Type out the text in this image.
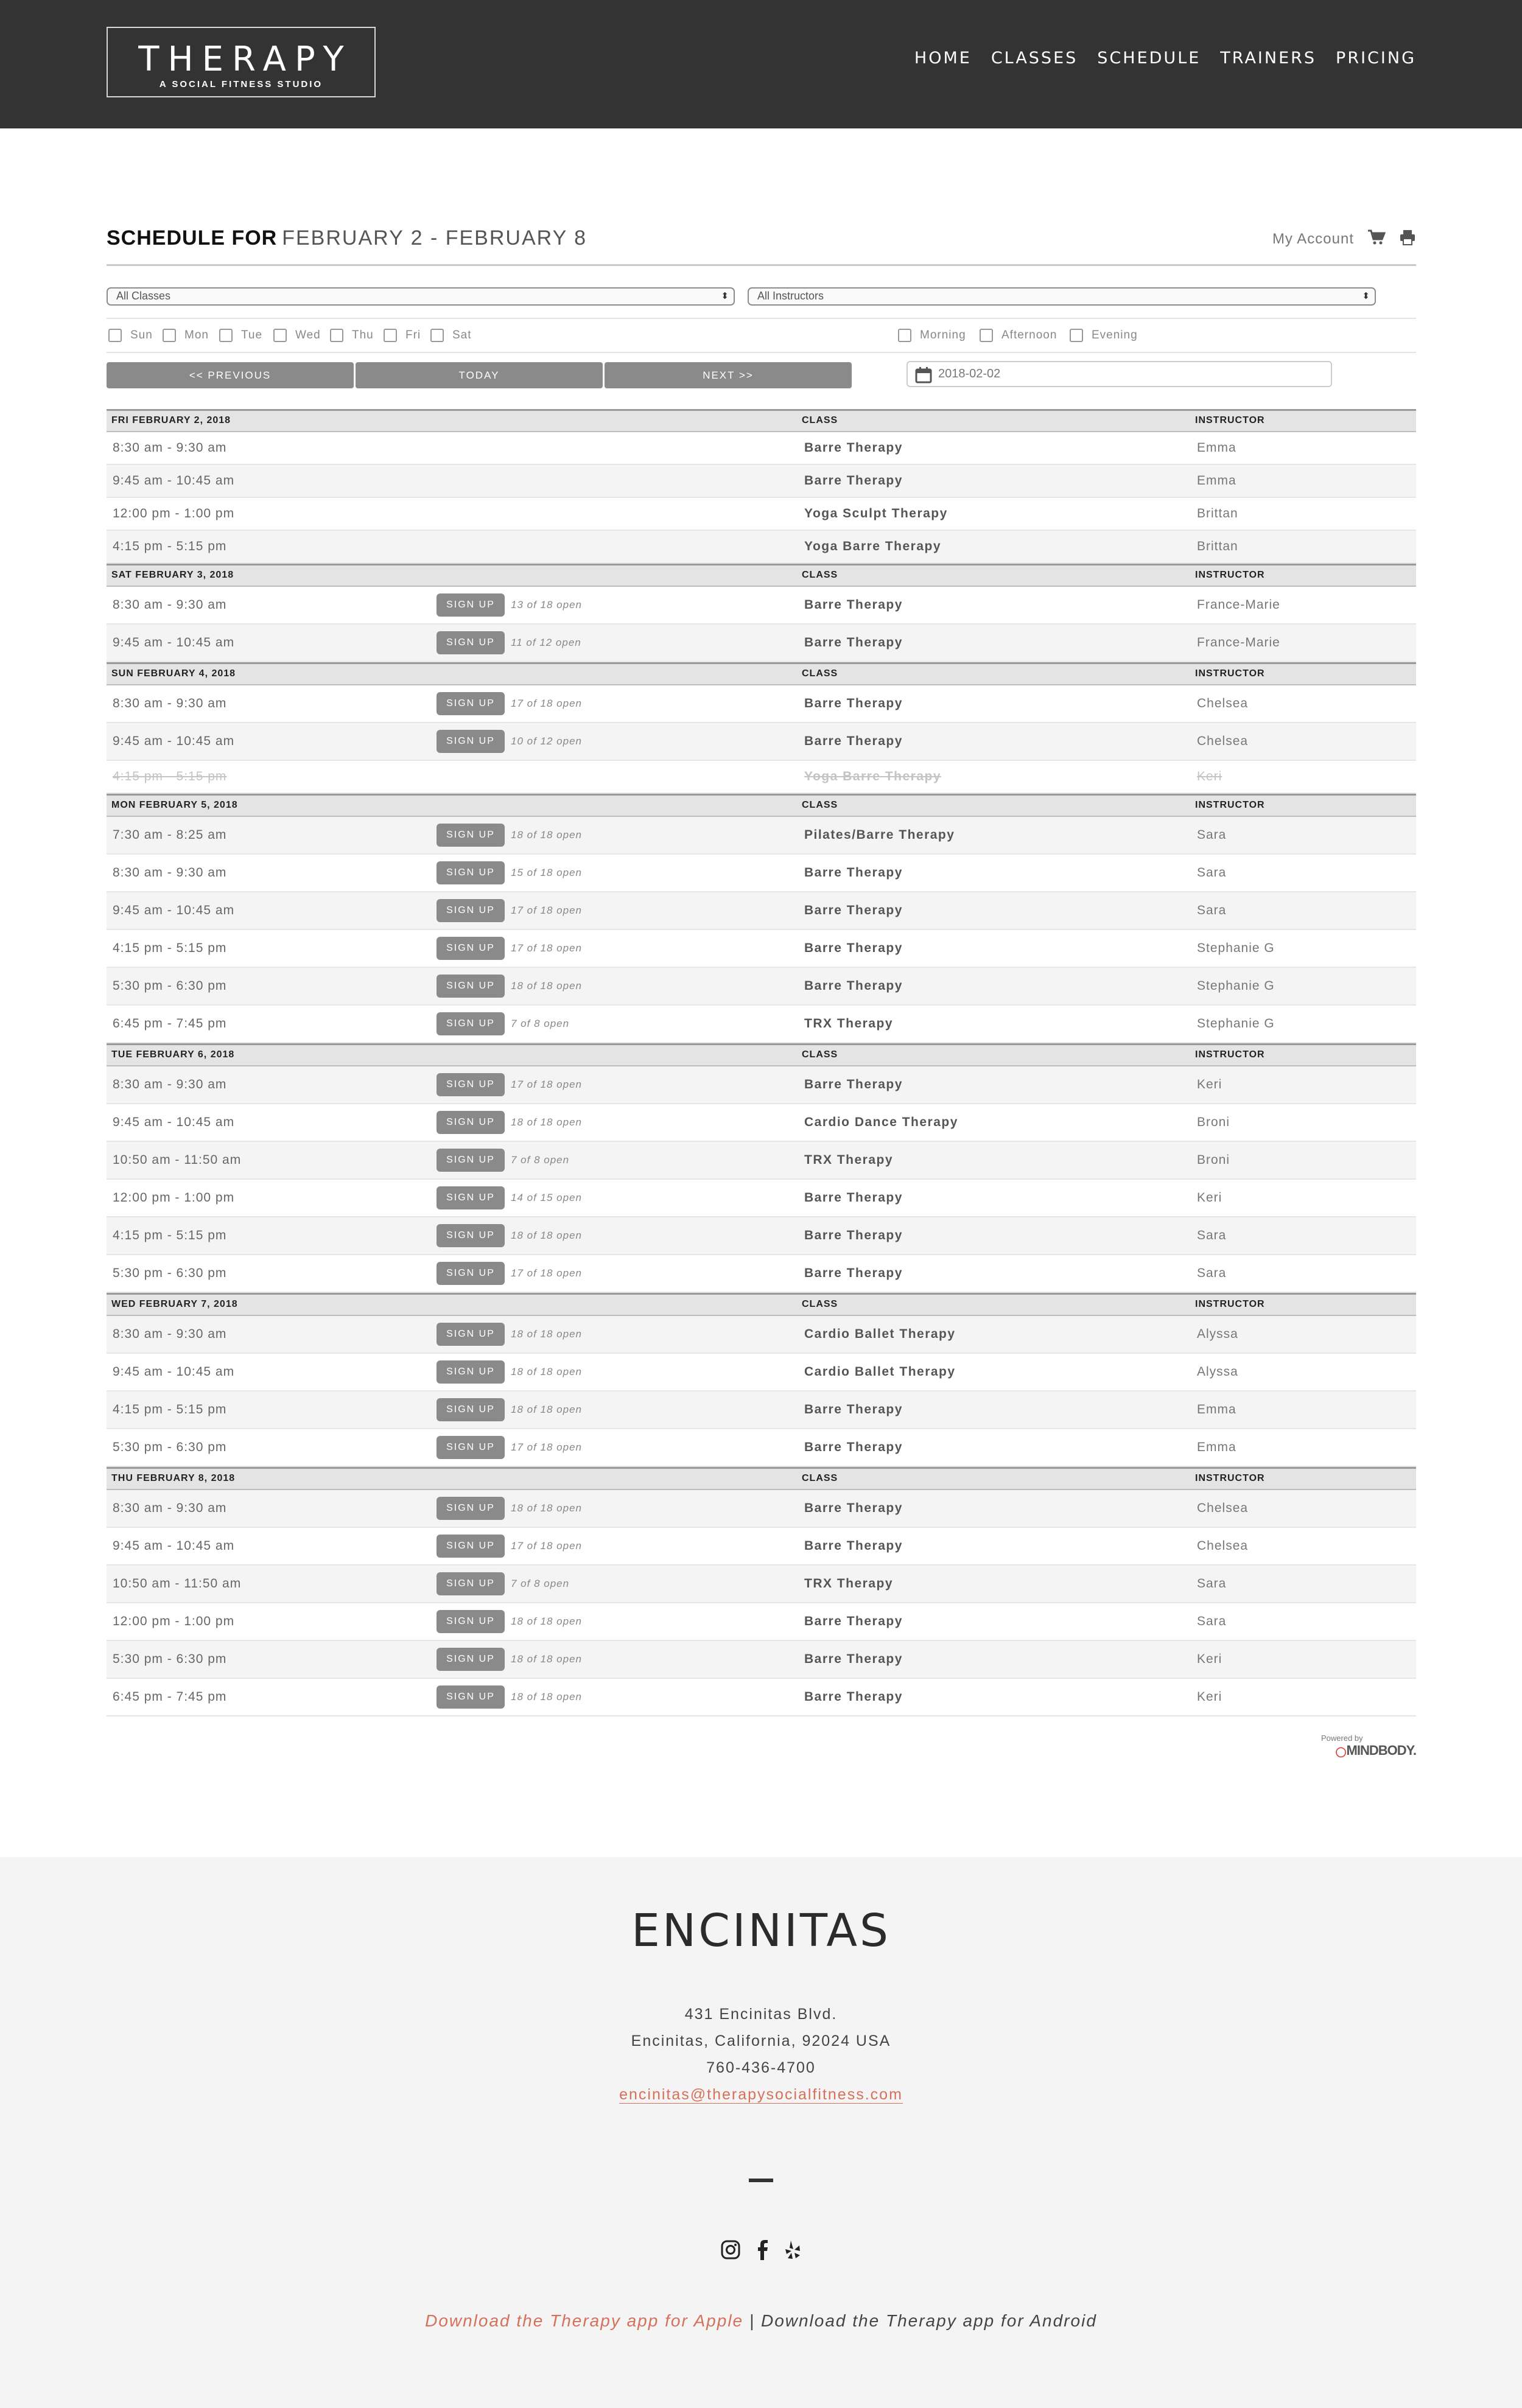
THERAPY
A SOCIAL FITNESS STUDIO
HOME CLASSES SCHEDULE TRAINERS PRICING
SCHEDULE FOR FEBRUARY 2 - FEBRUARY 8	My Account
All Classes	⬍	All Instructors	⬍
Sun	Mon	Tue	Wed	Thu	Fri	Sat	Morning	Afternoon	Evening
<< PREVIOUS	TODAY	NEXT >>	2018-02-02
FRI FEBRUARY 2, 2018	CLASS	INSTRUCTOR
8:30 am - 9:30 am	Barre Therapy	Emma
9:45 am - 10:45 am	Barre Therapy	Emma
12:00 pm - 1:00 pm	Yoga Sculpt Therapy	Brittan
4:15 pm - 5:15 pm	Yoga Barre Therapy	Brittan
SAT FEBRUARY 3, 2018	CLASS	INSTRUCTOR
8:30 am - 9:30 am	SIGN UP	13 of 18 open	Barre Therapy	France-Marie
9:45 am - 10:45 am	SIGN UP	11 of 12 open	Barre Therapy	France-Marie
SUN FEBRUARY 4, 2018	CLASS	INSTRUCTOR
8:30 am - 9:30 am	SIGN UP	17 of 18 open	Barre Therapy	Chelsea
9:45 am - 10:45 am	SIGN UP	10 of 12 open	Barre Therapy	Chelsea
4:15 pm - 5:15 pm	Yoga Barre Therapy	Keri
MON FEBRUARY 5, 2018	CLASS	INSTRUCTOR
7:30 am - 8:25 am	SIGN UP	18 of 18 open	Pilates/Barre Therapy	Sara
8:30 am - 9:30 am	SIGN UP	15 of 18 open	Barre Therapy	Sara
9:45 am - 10:45 am	SIGN UP	17 of 18 open	Barre Therapy	Sara
4:15 pm - 5:15 pm	SIGN UP	17 of 18 open	Barre Therapy	Stephanie G
5:30 pm - 6:30 pm	SIGN UP	18 of 18 open	Barre Therapy	Stephanie G
6:45 pm - 7:45 pm	SIGN UP	7 of 8 open	TRX Therapy	Stephanie G
TUE FEBRUARY 6, 2018	CLASS	INSTRUCTOR
8:30 am - 9:30 am	SIGN UP	17 of 18 open	Barre Therapy	Keri
9:45 am - 10:45 am	SIGN UP	18 of 18 open	Cardio Dance Therapy	Broni
10:50 am - 11:50 am	SIGN UP	7 of 8 open	TRX Therapy	Broni
12:00 pm - 1:00 pm	SIGN UP	14 of 15 open	Barre Therapy	Keri
4:15 pm - 5:15 pm	SIGN UP	18 of 18 open	Barre Therapy	Sara
5:30 pm - 6:30 pm	SIGN UP	17 of 18 open	Barre Therapy	Sara
WED FEBRUARY 7, 2018	CLASS	INSTRUCTOR
8:30 am - 9:30 am	SIGN UP	18 of 18 open	Cardio Ballet Therapy	Alyssa
9:45 am - 10:45 am	SIGN UP	18 of 18 open	Cardio Ballet Therapy	Alyssa
4:15 pm - 5:15 pm	SIGN UP	18 of 18 open	Barre Therapy	Emma
5:30 pm - 6:30 pm	SIGN UP	17 of 18 open	Barre Therapy	Emma
THU FEBRUARY 8, 2018	CLASS	INSTRUCTOR
8:30 am - 9:30 am	SIGN UP	18 of 18 open	Barre Therapy	Chelsea
9:45 am - 10:45 am	SIGN UP	17 of 18 open	Barre Therapy	Chelsea
10:50 am - 11:50 am	SIGN UP	7 of 8 open	TRX Therapy	Sara
12:00 pm - 1:00 pm	SIGN UP	18 of 18 open	Barre Therapy	Sara
5:30 pm - 6:30 pm	SIGN UP	18 of 18 open	Barre Therapy	Keri
6:45 pm - 7:45 pm	SIGN UP	18 of 18 open	Barre Therapy	Keri
Powered by
◯MINDBODY.
ENCINITAS
431 Encinitas Blvd.
Encinitas, California, 92024 USA
760-436-4700
encinitas@therapysocialfitness.com
Download the Therapy app for Apple | Download the Therapy app for Android
